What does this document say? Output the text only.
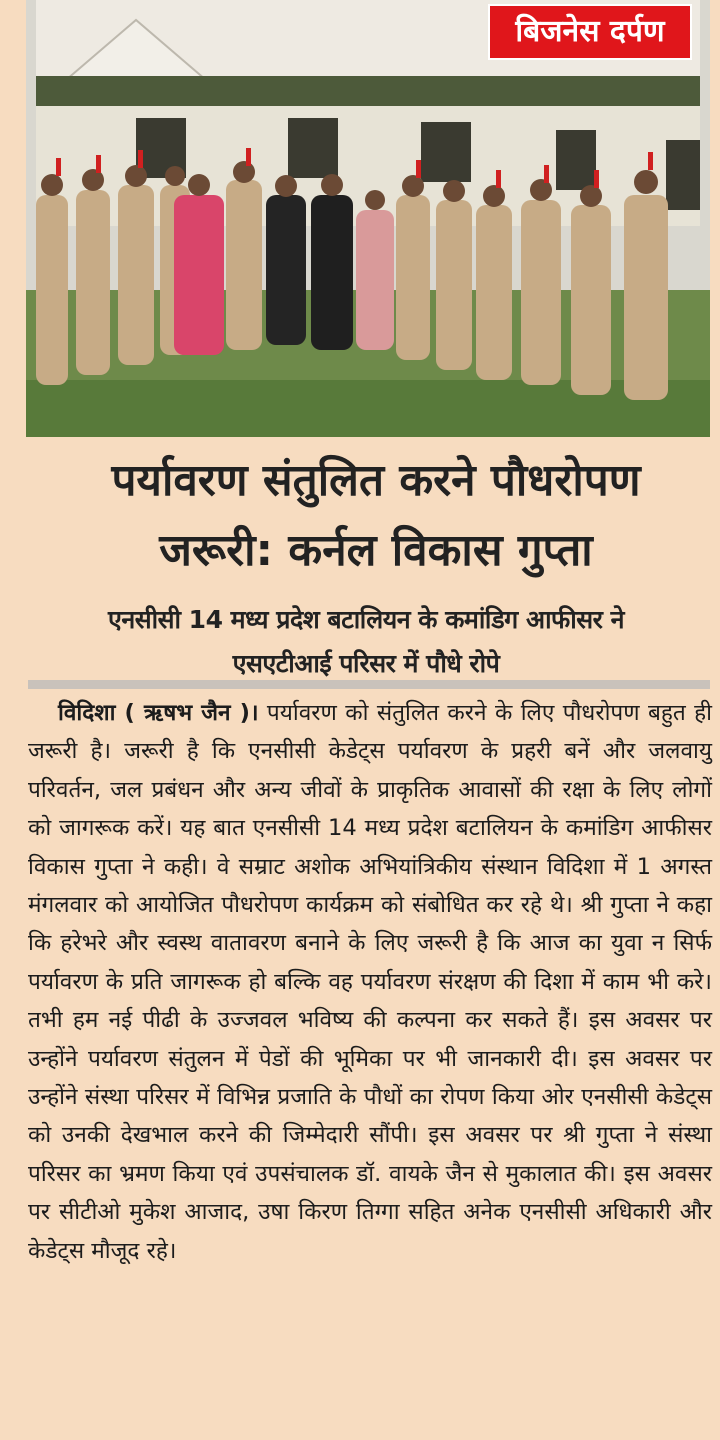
बिजनेस दर्पण
पर्यावरण संतुलित करने पौधरोपण
जरूरी: कर्नल विकास गुप्ता
एनसीसी 14 मध्य प्रदेश बटालियन के कमांडिग आफीसर ने
एसएटीआई परिसर में पौधे रोपे
विदिशा ( ऋषभ जैन )। पर्यावरण को संतुलित करने के लिए पौधरोपण बहुत ही जरूरी है। जरूरी है कि एनसीसी केडेट्स पर्यावरण के प्रहरी बनें और जलवायु परिवर्तन, जल प्रबंधन और अन्य जीवों के प्राकृतिक आवासों की रक्षा के लिए लोगों को जागरूक करें। यह बात एनसीसी 14 मध्य प्रदेश बटालियन के कमांडिग आफीसर विकास गुप्ता ने कही। वे सम्राट अशोक अभियांत्रिकीय संस्थान विदिशा में 1 अगस्त मंगलवार को आयोजित पौधरोपण कार्यक्रम को संबोधित कर रहे थे। श्री गुप्ता ने कहा कि हरेभरे और स्वस्थ वातावरण बनाने के लिए जरूरी है कि आज का युवा न सिर्फ पर्यावरण के प्रति जागरूक हो बल्कि वह पर्यावरण संरक्षण की दिशा में काम भी करे। तभी हम नई पीढी के उज्जवल भविष्य की कल्पना कर सकते हैं। इस अवसर पर उन्होंने पर्यावरण संतुलन में पेडों की भूमिका पर भी जानकारी दी। इस अवसर पर उन्होंने संस्था परिसर में विभिन्न प्रजाति के पौधों का रोपण किया ओर एनसीसी केडेट्स को उनकी देखभाल करने की जिम्मेदारी सौंपी। इस अवसर पर श्री गुप्ता ने संस्था परिसर का भ्रमण किया एवं उपसंचालक डॉ. वायके जैन से मुकालात की। इस अवसर पर सीटीओ मुकेश आजाद, उषा किरण तिग्गा सहित अनेक एनसीसी अधिकारी और केडेट्स मौजूद रहे।
